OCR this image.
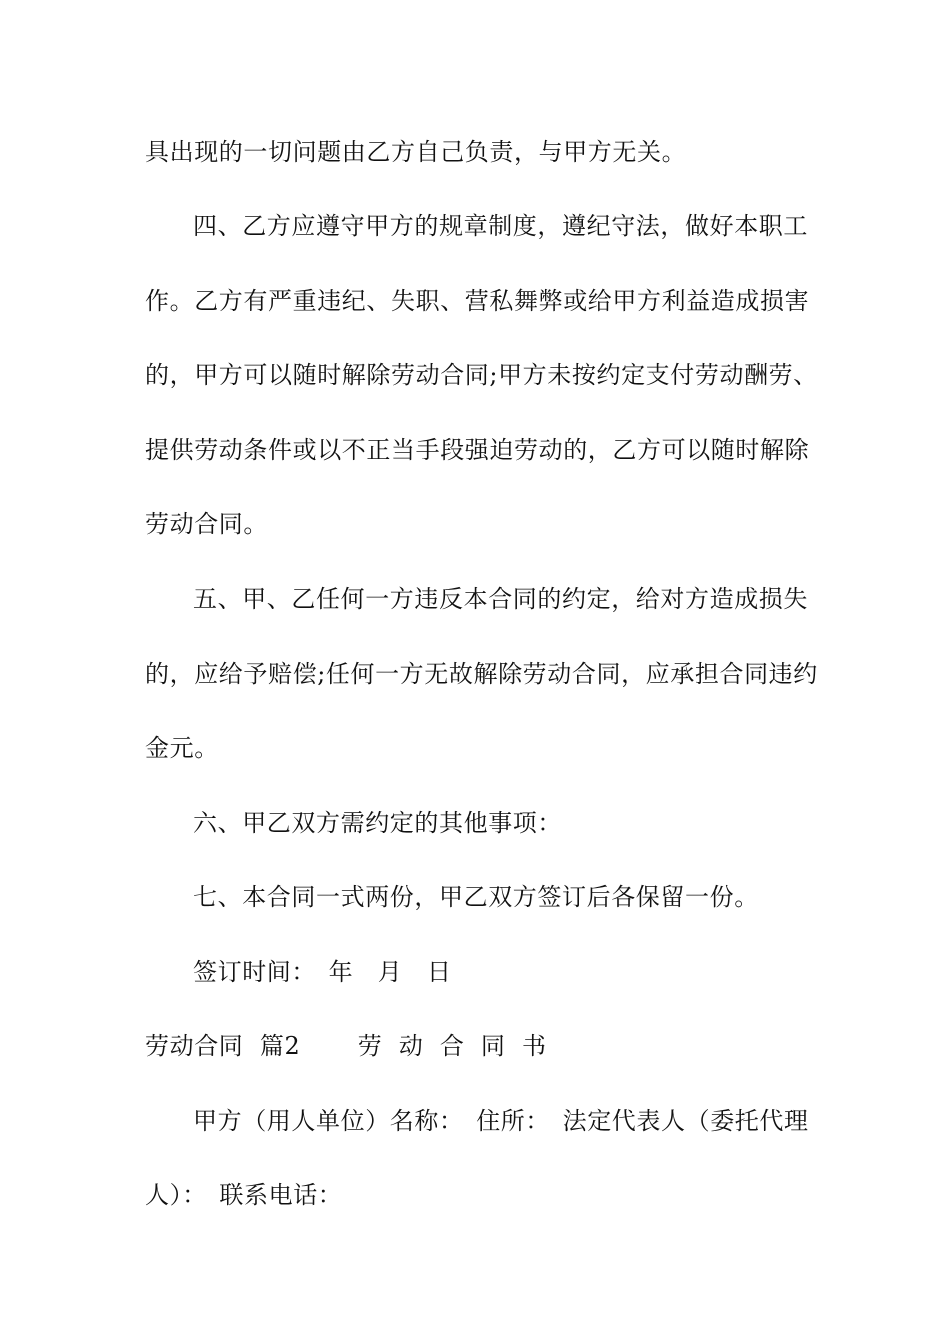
具出现的一切问题由乙方自己负责，与甲方无关。
四、乙方应遵守甲方的规章制度，遵纪守法，做好本职工
作。乙方有严重违纪、失职、营私舞弊或给甲方利益造成损害
的，甲方可以随时解除劳动合同;甲方未按约定支付劳动酬劳、
提供劳动条件或以不正当手段强迫劳动的，乙方可以随时解除
劳动合同。
五、甲、乙任何一方违反本合同的约定，给对方造成损失
的，应给予赔偿;任何一方无故解除劳动合同，应承担合同违约
金元。
六、甲乙双方需约定的其他事项：
七、本合同一式两份，甲乙双方签订后各保留一份。
签订时间：　年　月　日
劳动合同  篇2　　 劳  动  合  同  书
甲方（用人单位）名称：　住所：　法定代表人（委托代理
人）：　联系电话：
